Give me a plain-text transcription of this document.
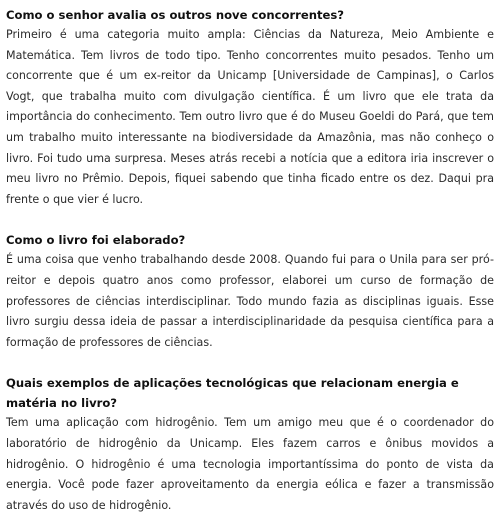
Como o senhor avalia os outros nove concorrentes?

Primeiro é uma categoria muito ampla: Ciências da Natureza, Meio Ambiente e Matemática. Tem livros de todo tipo. Tenho concorrentes muito pesados. Tenho um concorrente que é um ex-reitor da Unicamp [Universidade de Campinas], o Carlos Vogt, que trabalha muito com divulgação científica. É um livro que ele trata da importância do conhecimento. Tem outro livro que é do Museu Goeldi do Pará, que tem um trabalho muito interessante na biodiversidade da Amazônia, mas não conheço o livro. Foi tudo uma surpresa. Meses atrás recebi a notícia que a editora iria inscrever o meu livro no Prêmio. Depois, fiquei sabendo que tinha ficado entre os dez. Daqui pra frente o que vier é lucro.

Como o livro foi elaborado?

É uma coisa que venho trabalhando desde 2008. Quando fui para o Unila para ser pró-reitor e depois quatro anos como professor, elaborei um curso de formação de professores de ciências interdisciplinar. Todo mundo fazia as disciplinas iguais. Esse livro surgiu dessa ideia de passar a interdisciplinaridade da pesquisa científica para a formação de professores de ciências.

Quais exemplos de aplicações tecnológicas que relacionam energia e matéria no livro?

Tem uma aplicação com hidrogênio. Tem um amigo meu que é o coordenador do laboratório de hidrogênio da Unicamp. Eles fazem carros e ônibus movidos a hidrogênio. O hidrogênio é uma tecnologia importantíssima do ponto de vista da energia. Você pode fazer aproveitamento da energia eólica e fazer a transmissão através do uso de hidrogênio.
